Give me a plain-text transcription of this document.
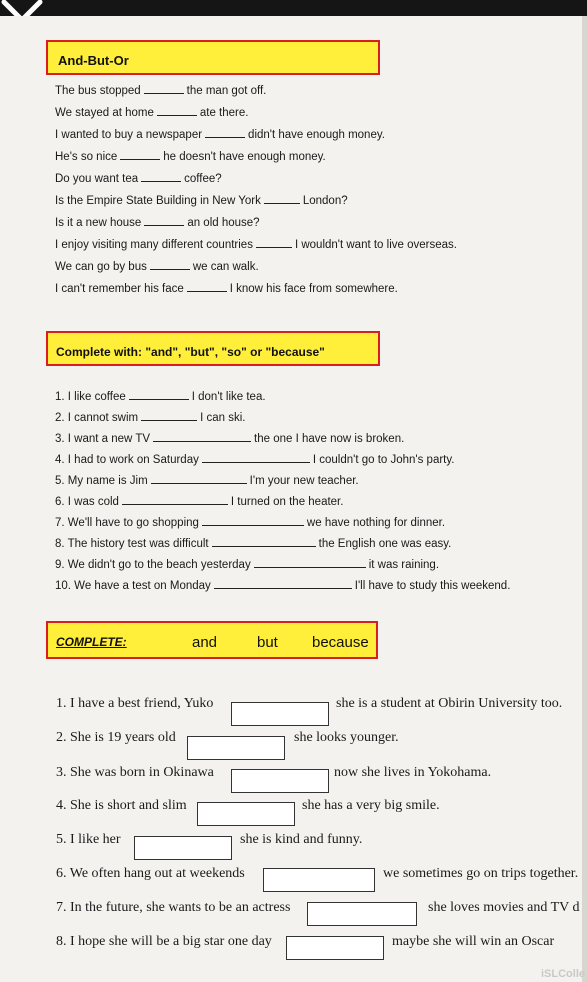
And-But-Or
The bus stopped	the man got off.
We stayed at home	ate there.
I wanted to buy a newspaper	didn't have enough money.
He's so nice	he doesn't have enough money.
Do you want tea	coffee?
Is the Empire State Building in New York	London?
Is it a new house	an old house?
I enjoy visiting many different countries	I wouldn't want to live overseas.
We can go by bus	we can walk.
I can't remember his face	I know his face from somewhere.
Complete with: "and", "but", "so" or "because"
1. I like coffee	I don't like tea.
2. I cannot swim	I can ski.
3. I want a new TV	the one I have now is broken.
4. I had to work on Saturday	I couldn't go to John's party.
5. My name is Jim	I'm your new teacher.
6. I was cold	I turned on the heater.
7. We'll have to go shopping	we have nothing for dinner.
8. The history test was difficult	the English one was easy.
9. We didn't go to the beach yesterday	it was raining.
10. We have a test on Monday	I'll have to study this weekend.
COMPLETE:	and	but because
1. I have a best friend, Yuko	she is a student at Obirin University too.
2. She is 19 years old	she looks younger.
3. She was born in Okinawa	now she lives in Yokohama.
4. She is short and slim	she has a very big smile.
5. I like her	she is kind and funny.
6. We often hang out at weekends	we sometimes go on trips together.
7. In the future, she wants to be an actress	she loves movies and TV d
8. I hope she will be a big star one day	maybe she will win an Oscar
iSLColle
